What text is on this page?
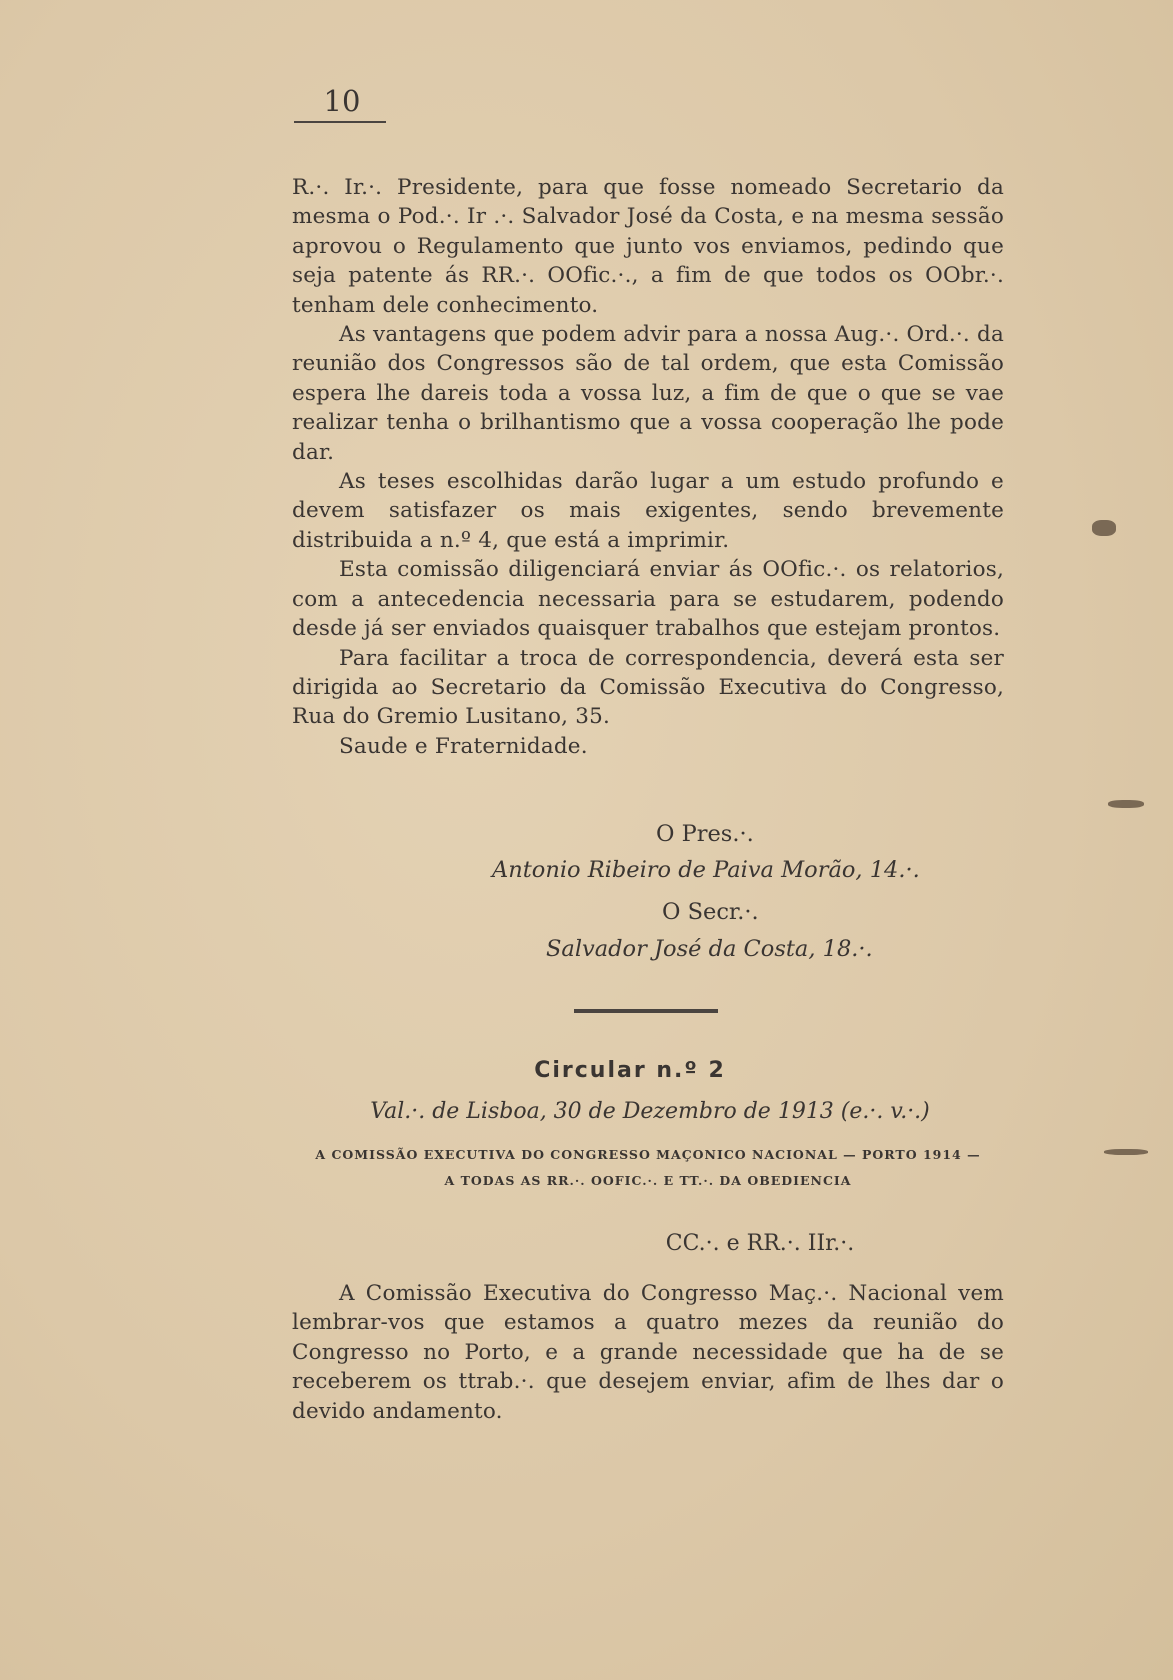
10

R.·. Ir.·. Presidente, para que fosse nomeado Secretario da mesma o Pod.·. Ir .·. Salvador José da Costa, e na mesma sessão aprovou o Regulamento que junto vos enviamos, pedindo que seja patente ás RR.·. OOfic.·., a fim de que todos os OObr.·. tenham dele conhecimento.

As vantagens que podem advir para a nossa Aug.·. Ord.·. da reunião dos Congressos são de tal ordem, que esta Comissão espera lhe dareis toda a vossa luz, a fim de que o que se vae realizar tenha o brilhantismo que a vossa cooperação lhe pode dar.

As teses escolhidas darão lugar a um estudo profundo e devem satisfazer os mais exigentes, sendo brevemente distribuida a n.º 4, que está a imprimir.

Esta comissão diligenciará enviar ás OOfic.·. os relatorios, com a antecedencia necessaria para se estudarem, podendo desde já ser enviados quaisquer trabalhos que estejam prontos.

Para facilitar a troca de correspondencia, deverá esta ser dirigida ao Secretario da Comissão Executiva do Congresso, Rua do Gremio Lusitano, 35.

Saude e Fraternidade.

O Pres.·.
Antonio Ribeiro de Paiva Morão, 14.·.
O Secr.·.
Salvador José da Costa, 18.·.
Circular n.º 2
Val.·. de Lisboa, 30 de Dezembro de 1913 (e.·. v.·.)
A COMISSÃO EXECUTIVA DO CONGRESSO MAÇONICO NACIONAL — PORTO 1914 —
A TODAS AS RR.·. OOFIC.·. E TT.·. DA OBEDIENCIA
CC.·. e RR.·. IIr.·.

A Comissão Executiva do Congresso Maç.·. Nacional vem lembrar-vos que estamos a quatro mezes da reunião do Congresso no Porto, e a grande necessidade que ha de se receberem os ttrab.·. que desejem enviar, afim de lhes dar o devido andamento.
